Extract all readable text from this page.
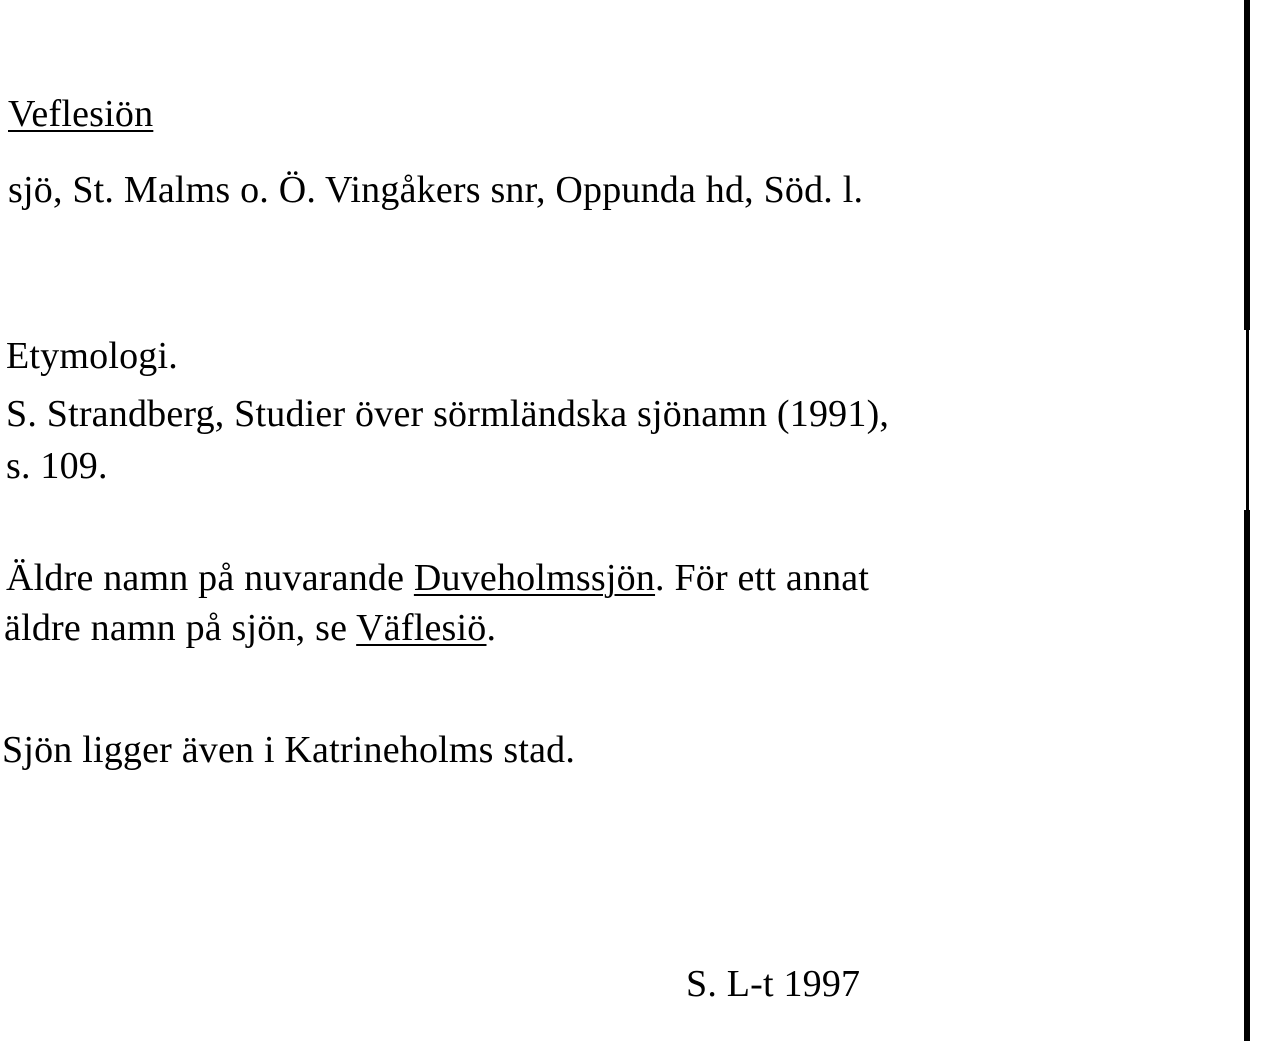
Veflesiön
sjö, St. Malms o. Ö. Vingåkers snr, Oppunda hd, Söd. l.
Etymologi.
S. Strandberg, Studier över sörmländska sjönamn (1991),
s. 109.
Äldre namn på nuvarande Duveholmssjön. För ett annat
äldre namn på sjön, se Väflesiö.
Sjön ligger även i Katrineholms stad.
S. L-t 1997
